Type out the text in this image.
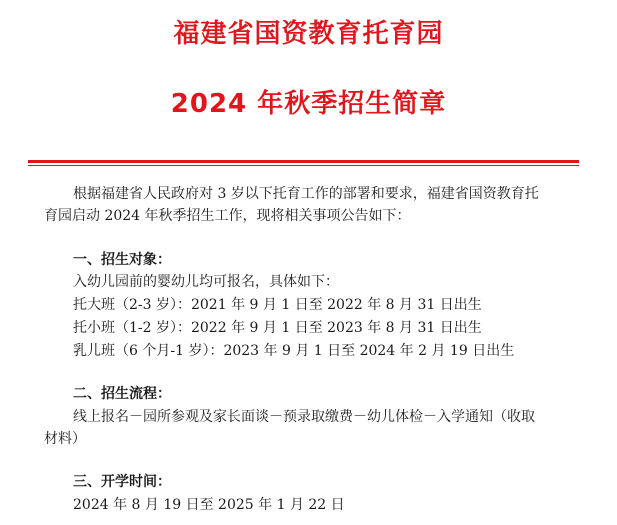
福建省国资教育托育园
2024 年秋季招生简章
根据福建省人民政府对 3 岁以下托育工作的部署和要求，福建省国资教育托
育园启动 2024 年秋季招生工作，现将相关事项公告如下：
一、招生对象：
入幼儿园前的婴幼儿均可报名，具体如下：
托大班（2-3 岁）：2021 年 9 月 1 日至 2022 年 8 月 31 日出生
托小班（1-2 岁）：2022 年 9 月 1 日至 2023 年 8 月 31 日出生
乳儿班（6 个月-1 岁）：2023 年 9 月 1 日至 2024 年 2 月 19 日出生
二、招生流程：
线上报名－园所参观及家长面谈－预录取缴费－幼儿体检－入学通知（收取
材料）
三、开学时间：
2024 年 8 月 19 日至 2025 年 1 月 22 日
